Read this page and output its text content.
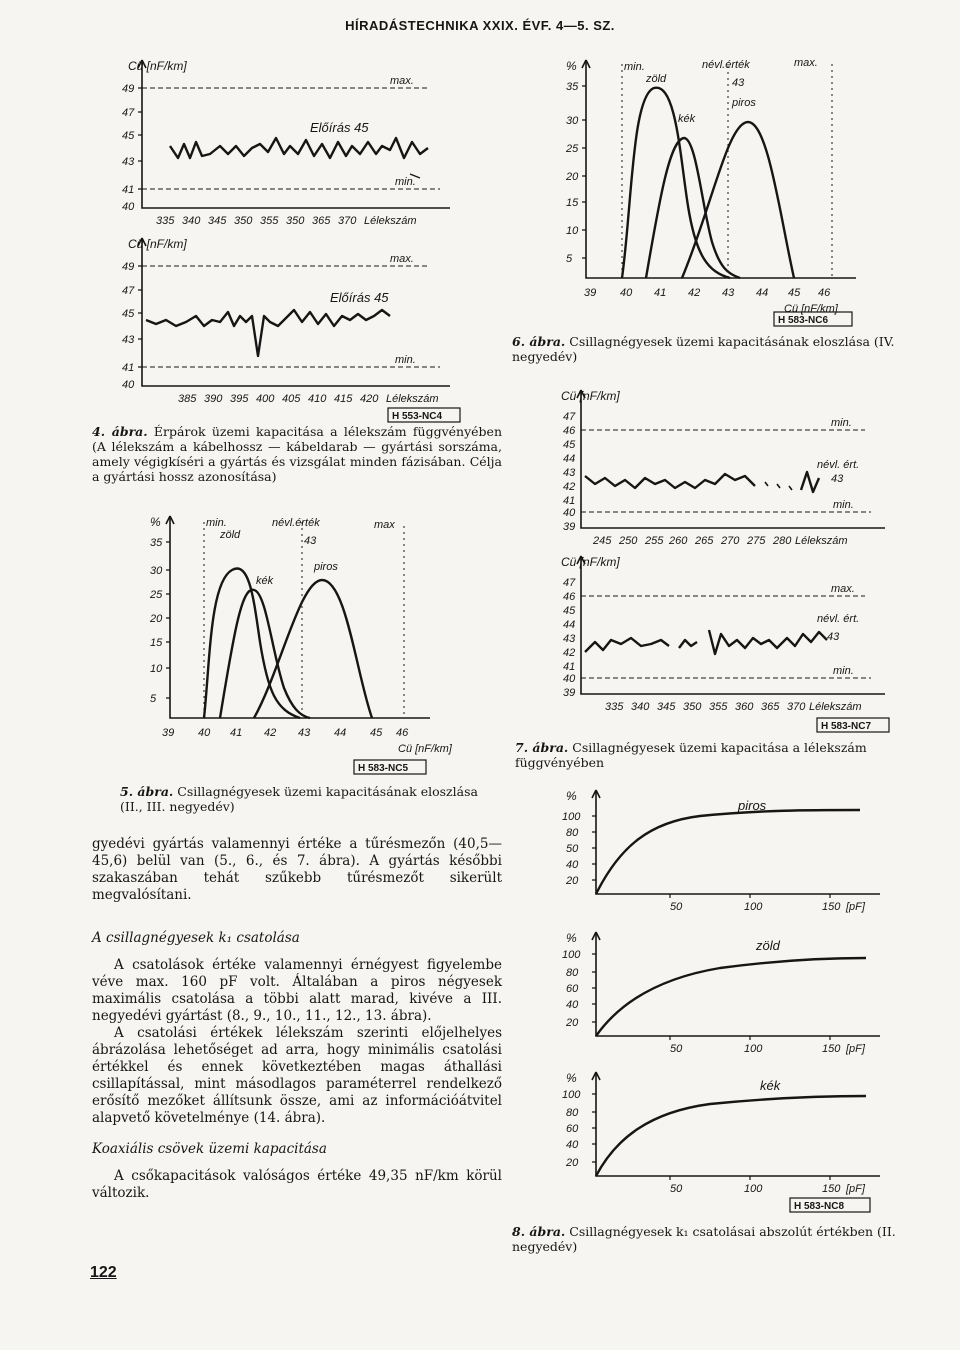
HÍRADÁSTECHNIKA XXIX. ÉVF. 4—5. SZ.
Cü [nF/km]
49
47
45
43
41
40
max.
min.
Előírás 45
335 340 345 350 355 350 365 370 Lélekszám
Cü [nF/km]
49
47
45
43
41
40
max.
min.
Előírás 45
385 390 395 400 405 410 415 420 Lélekszám
H 553-NC4
4. ábra. Érpárok üzemi kapacitása a lélekszám függvényében (A lélekszám a kábelhossz — kábeldarab — gyártási sorszáma, amely végigkíséri a gyártás és vizsgálat minden fázisában. Célja a gyártási hossz azonosítása)
%
35
30
25
20
15
10
5
min.
zöld
névl.érték
43
max
kék
piros
39 40 41 42 43 44 45 46
Cü [nF/km]
H 583-NC5
5. ábra. Csillagnégyesek üzemi kapacitásának eloszlása (II., III. negyedév)

gyedévi gyártás valamennyi értéke a tűrésmezőn (40,5—45,6) belül van (5., 6., és 7. ábra). A gyártás későbbi szakaszában tehát szűkebb tűrésmezőt sikerült megvalósítani.

A csillagnégyesek k₁ csatolása

A csatolások értéke valamennyi érnégyest figyelembe véve max. 160 pF volt. Általában a piros négyesek maximális csatolása a többi alatt marad, kivéve a III. negyedévi gyártást (8., 9., 10., 11., 12., 13. ábra).

A csatolási értékek lélekszám szerinti előjelhelyes ábrázolása lehetőséget ad arra, hogy minimális csatolási értékkel és ennek következtében magas áthallási csillapítással, mint másodlagos paraméterrel rendelkező erősítő mezőket állítsunk össze, ami az információátvitel alapvető követelménye (14. ábra).

Koaxiális csövek üzemi kapacitása

A csőkapacitások valóságos értéke 49,35 nF/km körül változik.

122
%
35
30
25
20
15
10
5
min.
zöld
névl.érték
43
max.
kék
piros
39 40 41 42 43 44 45 46
Cü [nF/km]
H 583-NC6
6. ábra. Csillagnégyesek üzemi kapacitásának eloszlása (IV. negyedév)
Cü [nF/km]
47
46
45
44
43
42
41
40
39
min.
min.
névl. ért.
43
245 250 255 260 265 270 275 280 Lélekszám
Cü [nF/km]
47
46
45
44
43
42
41
40
39
max.
min.
névl. ért.
43
335 340 345 350 355 360 365 370 Lélekszám
H 583-NC7
7. ábra. Csillagnégyesek üzemi kapacitása a lélekszám függvényében
%
100
80
50
40
20
piros
50	100	150 [pF]
%
100
80
60
40
20
zöld
50	100	150 [pF]
%
100
80
60
40
20
kék
50	100	150 [pF]
H 583-NC8
8. ábra. Csillagnégyesek k₁ csatolásai abszolút értékben (II. negyedév)
